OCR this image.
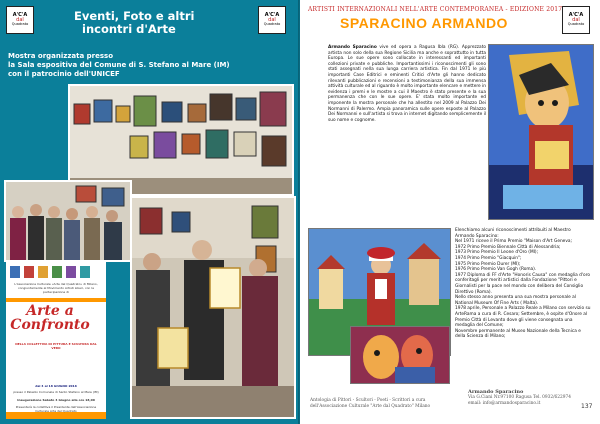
A'C'A
dal
Quadrato
Eventi, Foto e altri
incontri d'Arte
A'C'A
dal
Quadrato
Mostra organizzata presso
la Sala espositiva del Comune di S. Stefano al Mare (IM)
con il patrocinio dell'UNICEF
L'Associazione Culturale «Arte del Quadrato» di Milano, congiuntamente al Movimento Artisti Liberi, con la partecipazione di
NELLA COLLETTIVA DI PITTURA E SCULTURA DAL VERO
dal 4 al 18 GIUGNO 2016
presso il Palazzo Comunale di Santo Stefano al Mare (IM)
Inaugurazione Sabato 4 Giugno alle ore 18,00
Presenterà la collettiva il Presidente dell'Associazione Culturale Arte del Quadrato
Arte a Confronto
ARTISTI INTERNAZIONALI NELL'ARTE CONTEMPORANEA - EDIZIONE 2017
SPARACINO ARMANDO
A'C'A
dal
Quadrato
Armando Sparacino vive ed opera a Ragusa Ibla (RG). Apprezzato artista non solo della sua Regione Sicilia ma anche e soprattutto in tutta Europa. Le sue opere sono collocate in interessanti ed importanti collezioni private e pubbliche. Importantissimi i riconoscimenti gli sono stati assegnati nella sua lunga carriera artistica. Fin dal 1971 le più importanti Case Editrici e eminenti Critici d'Arte gli hanno dedicato rilevanti pubblicazioni e recensioni a testimonianza della sua immensa attività culturale ed al riguardo è molto importante elencare e mettere in evidenza i premi e le mostre a cui il Maestro è stato presente e la sua permanenza che con le sue opere. E' stata molto importante ed imponente la mostra personale che ha allestito nel 2009 al Palazzo Dei Normanni di Palermo. Ampia panoramica sulle opere esposte al Palazzo Dei Normanni e sull'artista si trova in internet digitando semplicemente il suo nome e cognome.
Elenchiamo alcuni riconoscimenti attribuiti al Maestro Armando Sparacino:
Nel 1971 riceve il Primo Premio "Maison d'Art Geneva;
1972 Primo Premio Biennale Città di Alessandria;
1973 Primo Premio Il Leone d'Oro (MI);
1974 Primo Premio "Giacquin";
1975 Primo Premio Durer (MI);
1976 Primo Premio Van Gogh (Roma).
1977 Diploma di FF d'Arte "Honoris Causa" con medaglia d'oro conferitagli per meriti artistici dalla Fondazione "Pittori e Giornalisti per la pace nel mondo con delibera del Consiglio Direttivo (Roma).
Nello stesso anno presenta una sua mostra personale al National Museum Of Fine Arts ( Malta).
1978 aprile, Personale a Palazzo Reale a Milano con servizio su ArteRama a cura di R. Cesaro; Settembre, è ospite d'Onore al Premio Città di Levanto dove gli viene consegnata una medaglia del Comune;
Novembre permanente al Museo Nazionale della Tecnica e della Scienza di Milano;
Antologia di Pittori - Scultori - Poeti - Scrittori a cura dell'Associazione Culturale "Arte dal Quadrato" Milano
Armando Sparacino
Via G.Ciani Nr.97100 Ragusa Tel. 0932/622974
email: info@armandosparacino.it	137
